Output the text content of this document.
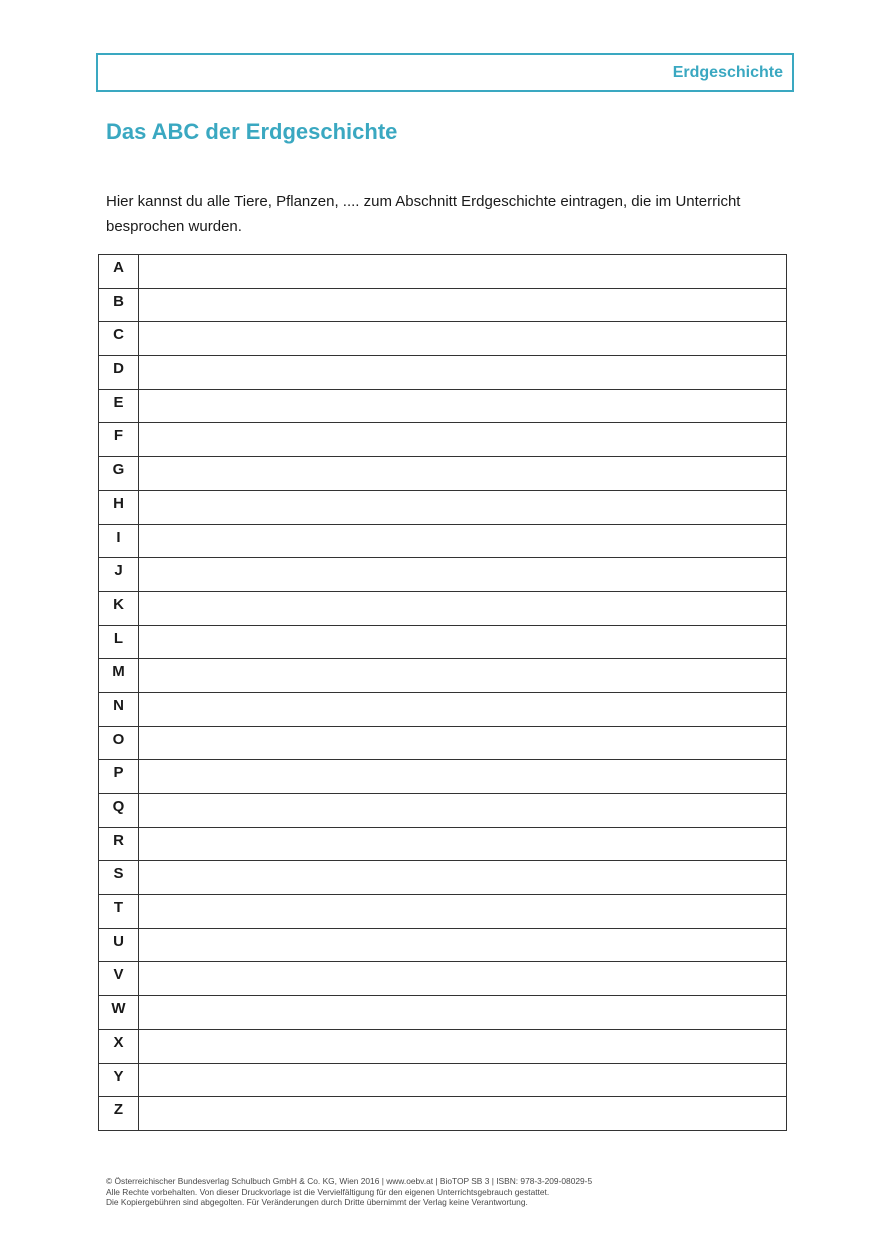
Erdgeschichte
Das ABC der Erdgeschichte

Hier kannst du alle Tiere, Pflanzen, .... zum Abschnitt Erdgeschichte eintragen, die im Unterricht besprochen wurden.

A	
B	
C	
D	
E	
F	
G	
H	
I	
J	
K	
L	
M	
N	
O	
P	
Q	
R	
S	
T	
U	
V	
W	
X	
Y	
Z	
© Österreichischer Bundesverlag Schulbuch GmbH & Co. KG, Wien 2016 | www.oebv.at | BioTOP SB 3 | ISBN: 978-3-209-08029-5
Alle Rechte vorbehalten. Von dieser Druckvorlage ist die Vervielfältigung für den eigenen Unterrichtsgebrauch gestattet.
Die Kopiergebühren sind abgegolten. Für Veränderungen durch Dritte übernimmt der Verlag keine Verantwortung.
